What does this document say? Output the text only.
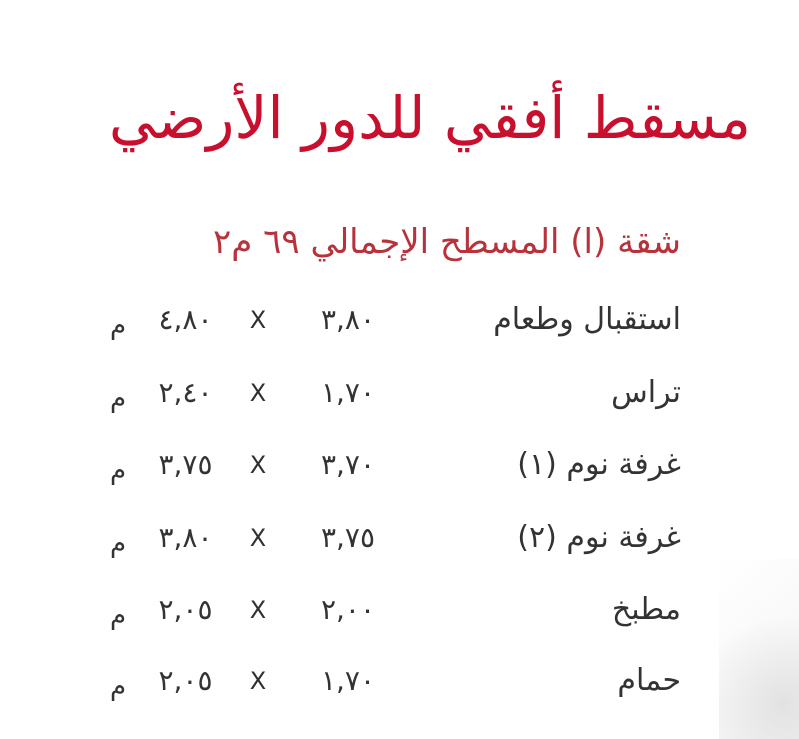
مسقط أفقي للدور الأرضي
شقة (ا) المسطح الإجمالي ٦٩ م٢
استقبال وطعام
٣,٨٠
X
٤,٨٠
م
تراس
١,٧٠
X
٢,٤٠
م
غرفة نوم (١)
٣,٧٠
X
٣,٧٥
م
غرفة نوم (٢)
٣,٧٥
X
٣,٨٠
م
مطبخ
٢,٠٠
X
٢,٠٥
م
حمام
١,٧٠
X
٢,٠٥
م
